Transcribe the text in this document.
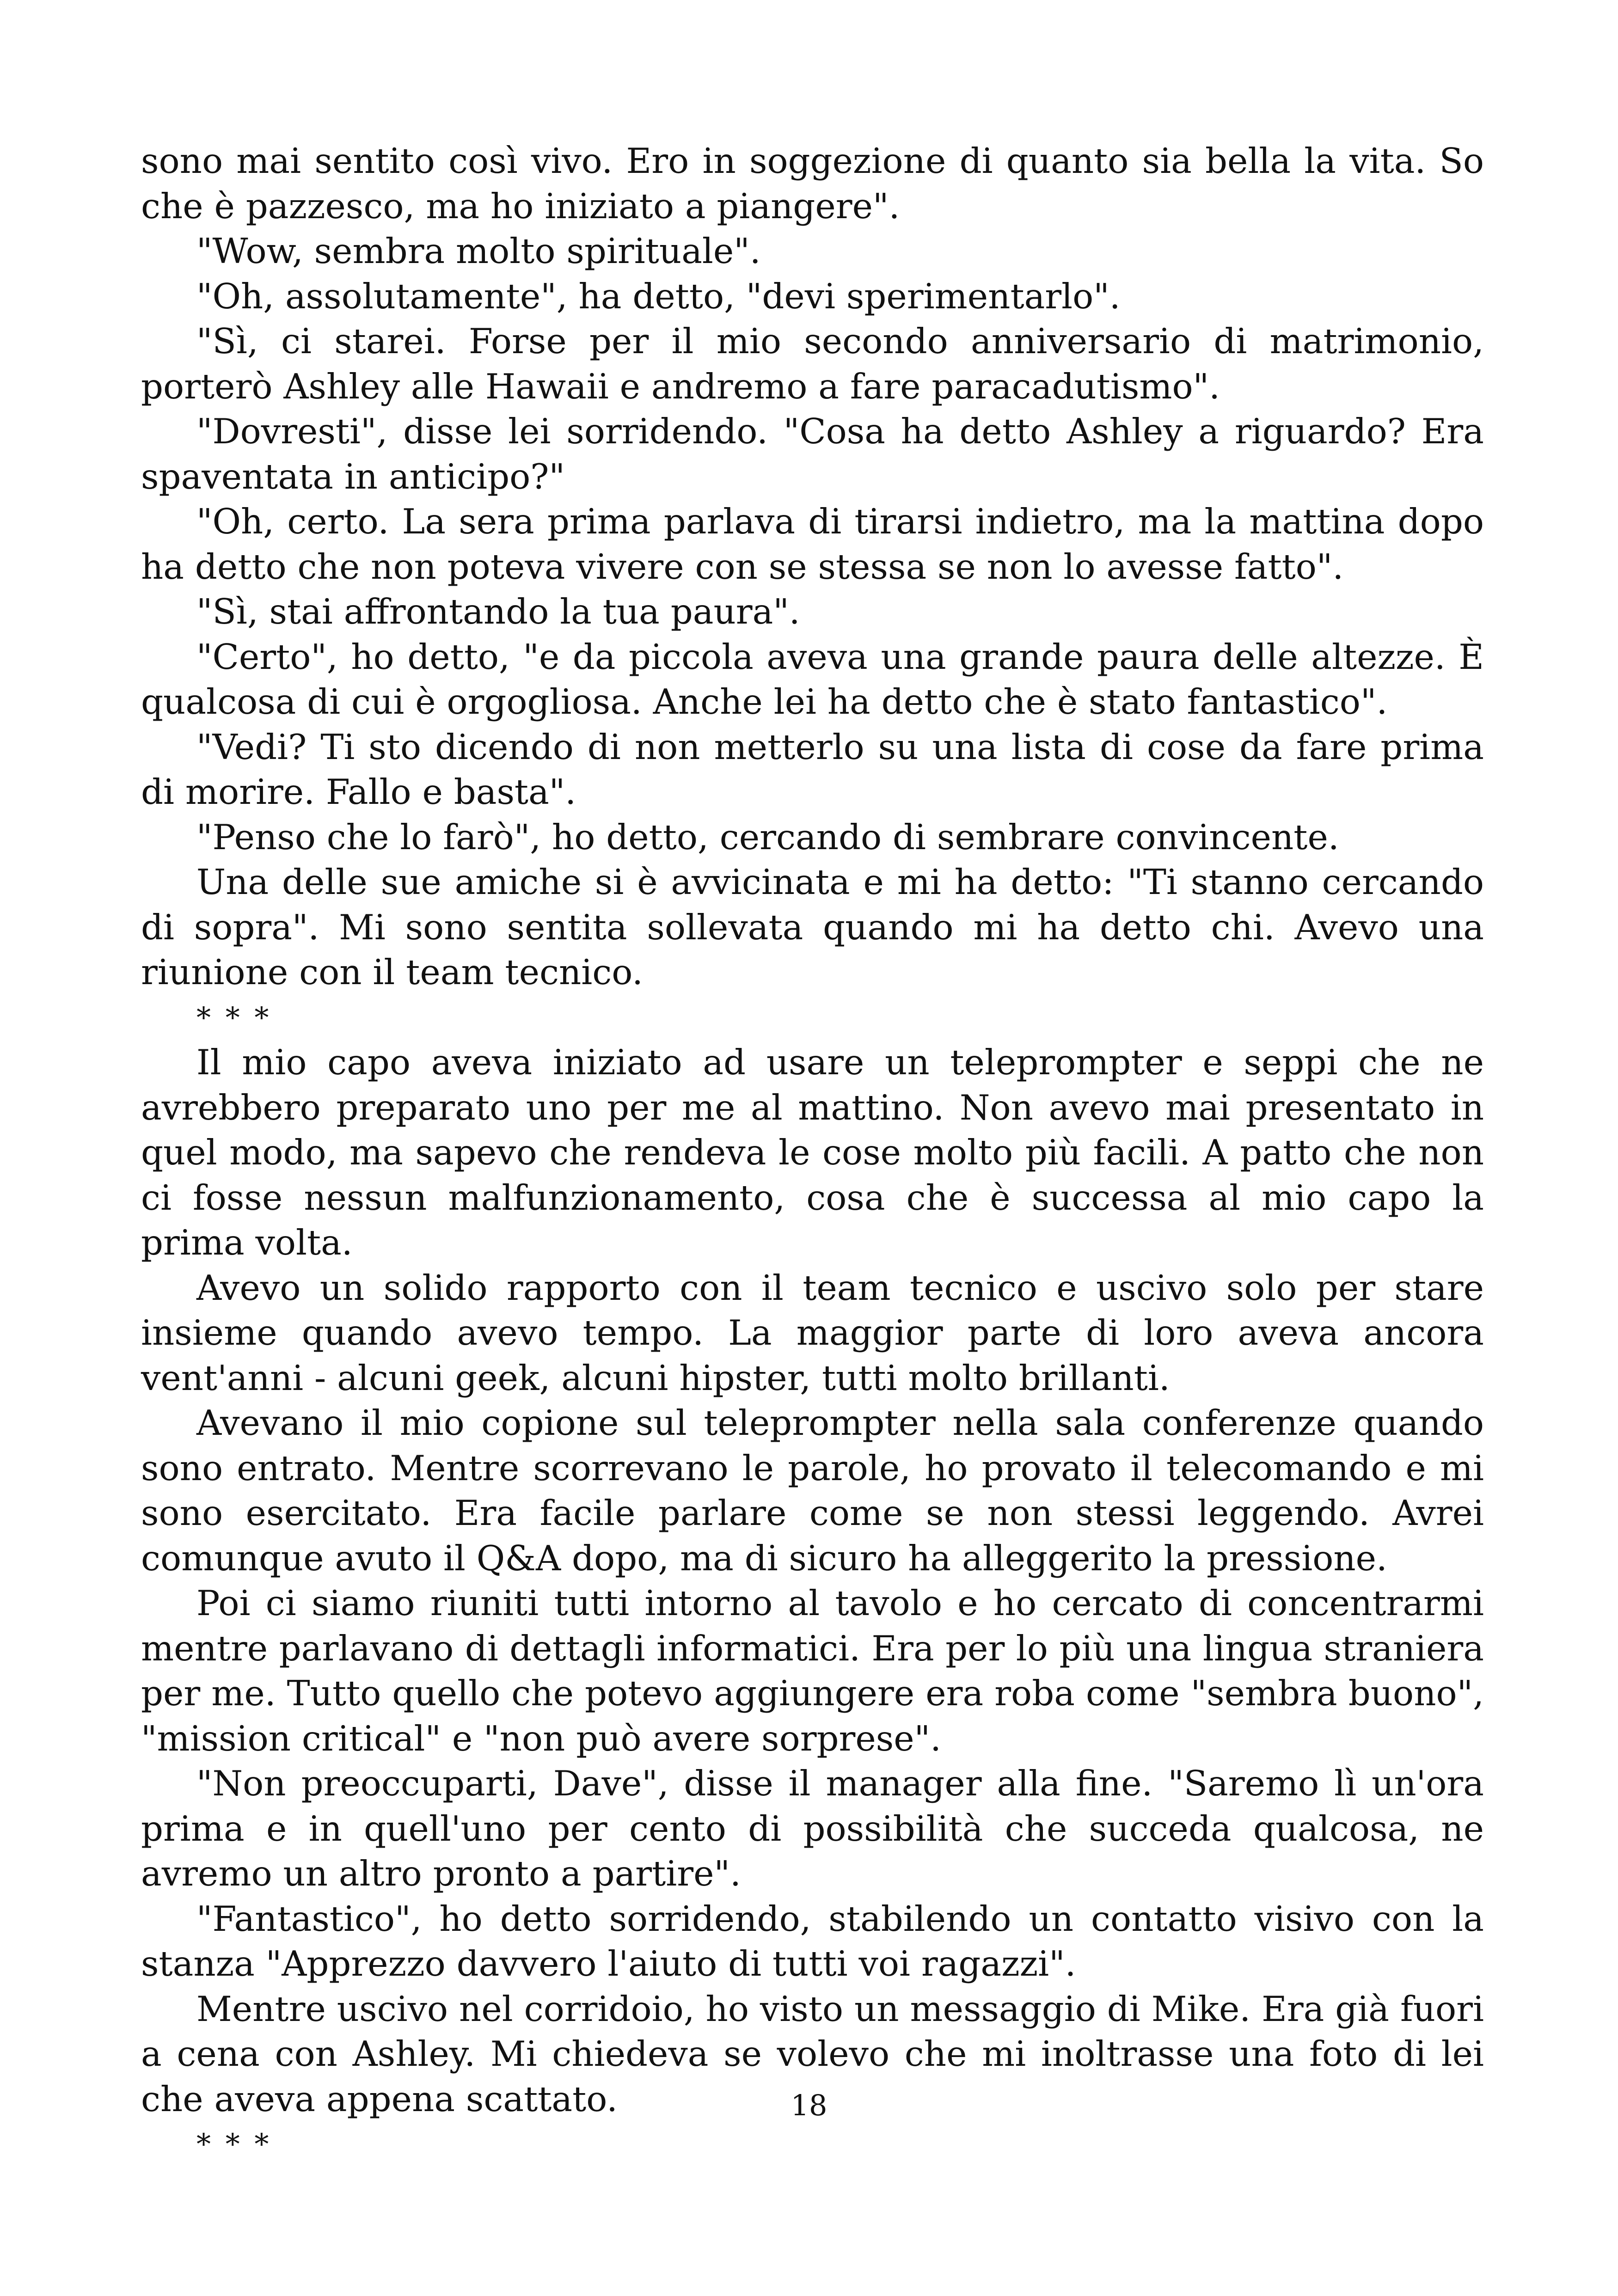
sono mai sentito così vivo. Ero in soggezione di quanto sia bella la vita. So che è pazzesco, ma ho iniziato a piangere".

"Wow, sembra molto spirituale".

"Oh, assolutamente", ha detto, "devi sperimentarlo".

"Sì, ci starei. Forse per il mio secondo anniversario di matrimonio, porterò Ashley alle Hawaii e andremo a fare paracadutismo".

"Dovresti", disse lei sorridendo. "Cosa ha detto Ashley a riguardo? Era spaventata in anticipo?"

"Oh, certo. La sera prima parlava di tirarsi indietro, ma la mattina dopo ha detto che non poteva vivere con se stessa se non lo avesse fatto".

"Sì, stai affrontando la tua paura".

"Certo", ho detto, "e da piccola aveva una grande paura delle altezze. È qualcosa di cui è orgogliosa. Anche lei ha detto che è stato fantastico".

"Vedi? Ti sto dicendo di non metterlo su una lista di cose da fare prima di morire. Fallo e basta".

"Penso che lo farò", ho detto, cercando di sembrare convincente.

Una delle sue amiche si è avvicinata e mi ha detto: "Ti stanno cercando di sopra". Mi sono sentita sollevata quando mi ha detto chi. Avevo una riunione con il team tecnico.

* * *

Il mio capo aveva iniziato ad usare un teleprompter e seppi che ne avrebbero preparato uno per me al mattino. Non avevo mai presentato in quel modo, ma sapevo che rendeva le cose molto più facili. A patto che non ci fosse nessun malfunzionamento, cosa che è successa al mio capo la prima volta.

Avevo un solido rapporto con il team tecnico e uscivo solo per stare insieme quando avevo tempo. La maggior parte di loro aveva ancora vent'anni - alcuni geek, alcuni hipster, tutti molto brillanti.

Avevano il mio copione sul teleprompter nella sala conferenze quando sono entrato. Mentre scorrevano le parole, ho provato il telecomando e mi sono esercitato. Era facile parlare come se non stessi leggendo. Avrei comunque avuto il Q&A dopo, ma di sicuro ha alleggerito la pressione.

Poi ci siamo riuniti tutti intorno al tavolo e ho cercato di concentrarmi mentre parlavano di dettagli informatici. Era per lo più una lingua straniera per me. Tutto quello che potevo aggiungere era roba come "sembra buono", "mission critical" e "non può avere sorprese".

"Non preoccuparti, Dave", disse il manager alla fine. "Saremo lì un'ora prima e in quell'uno per cento di possibilità che succeda qualcosa, ne avremo un altro pronto a partire".

"Fantastico", ho detto sorridendo, stabilendo un contatto visivo con la stanza "Apprezzo davvero l'aiuto di tutti voi ragazzi".

Mentre uscivo nel corridoio, ho visto un messaggio di Mike. Era già fuori a cena con Ashley. Mi chiedeva se volevo che mi inoltrasse una foto di lei che aveva appena scattato.

* * *

18
